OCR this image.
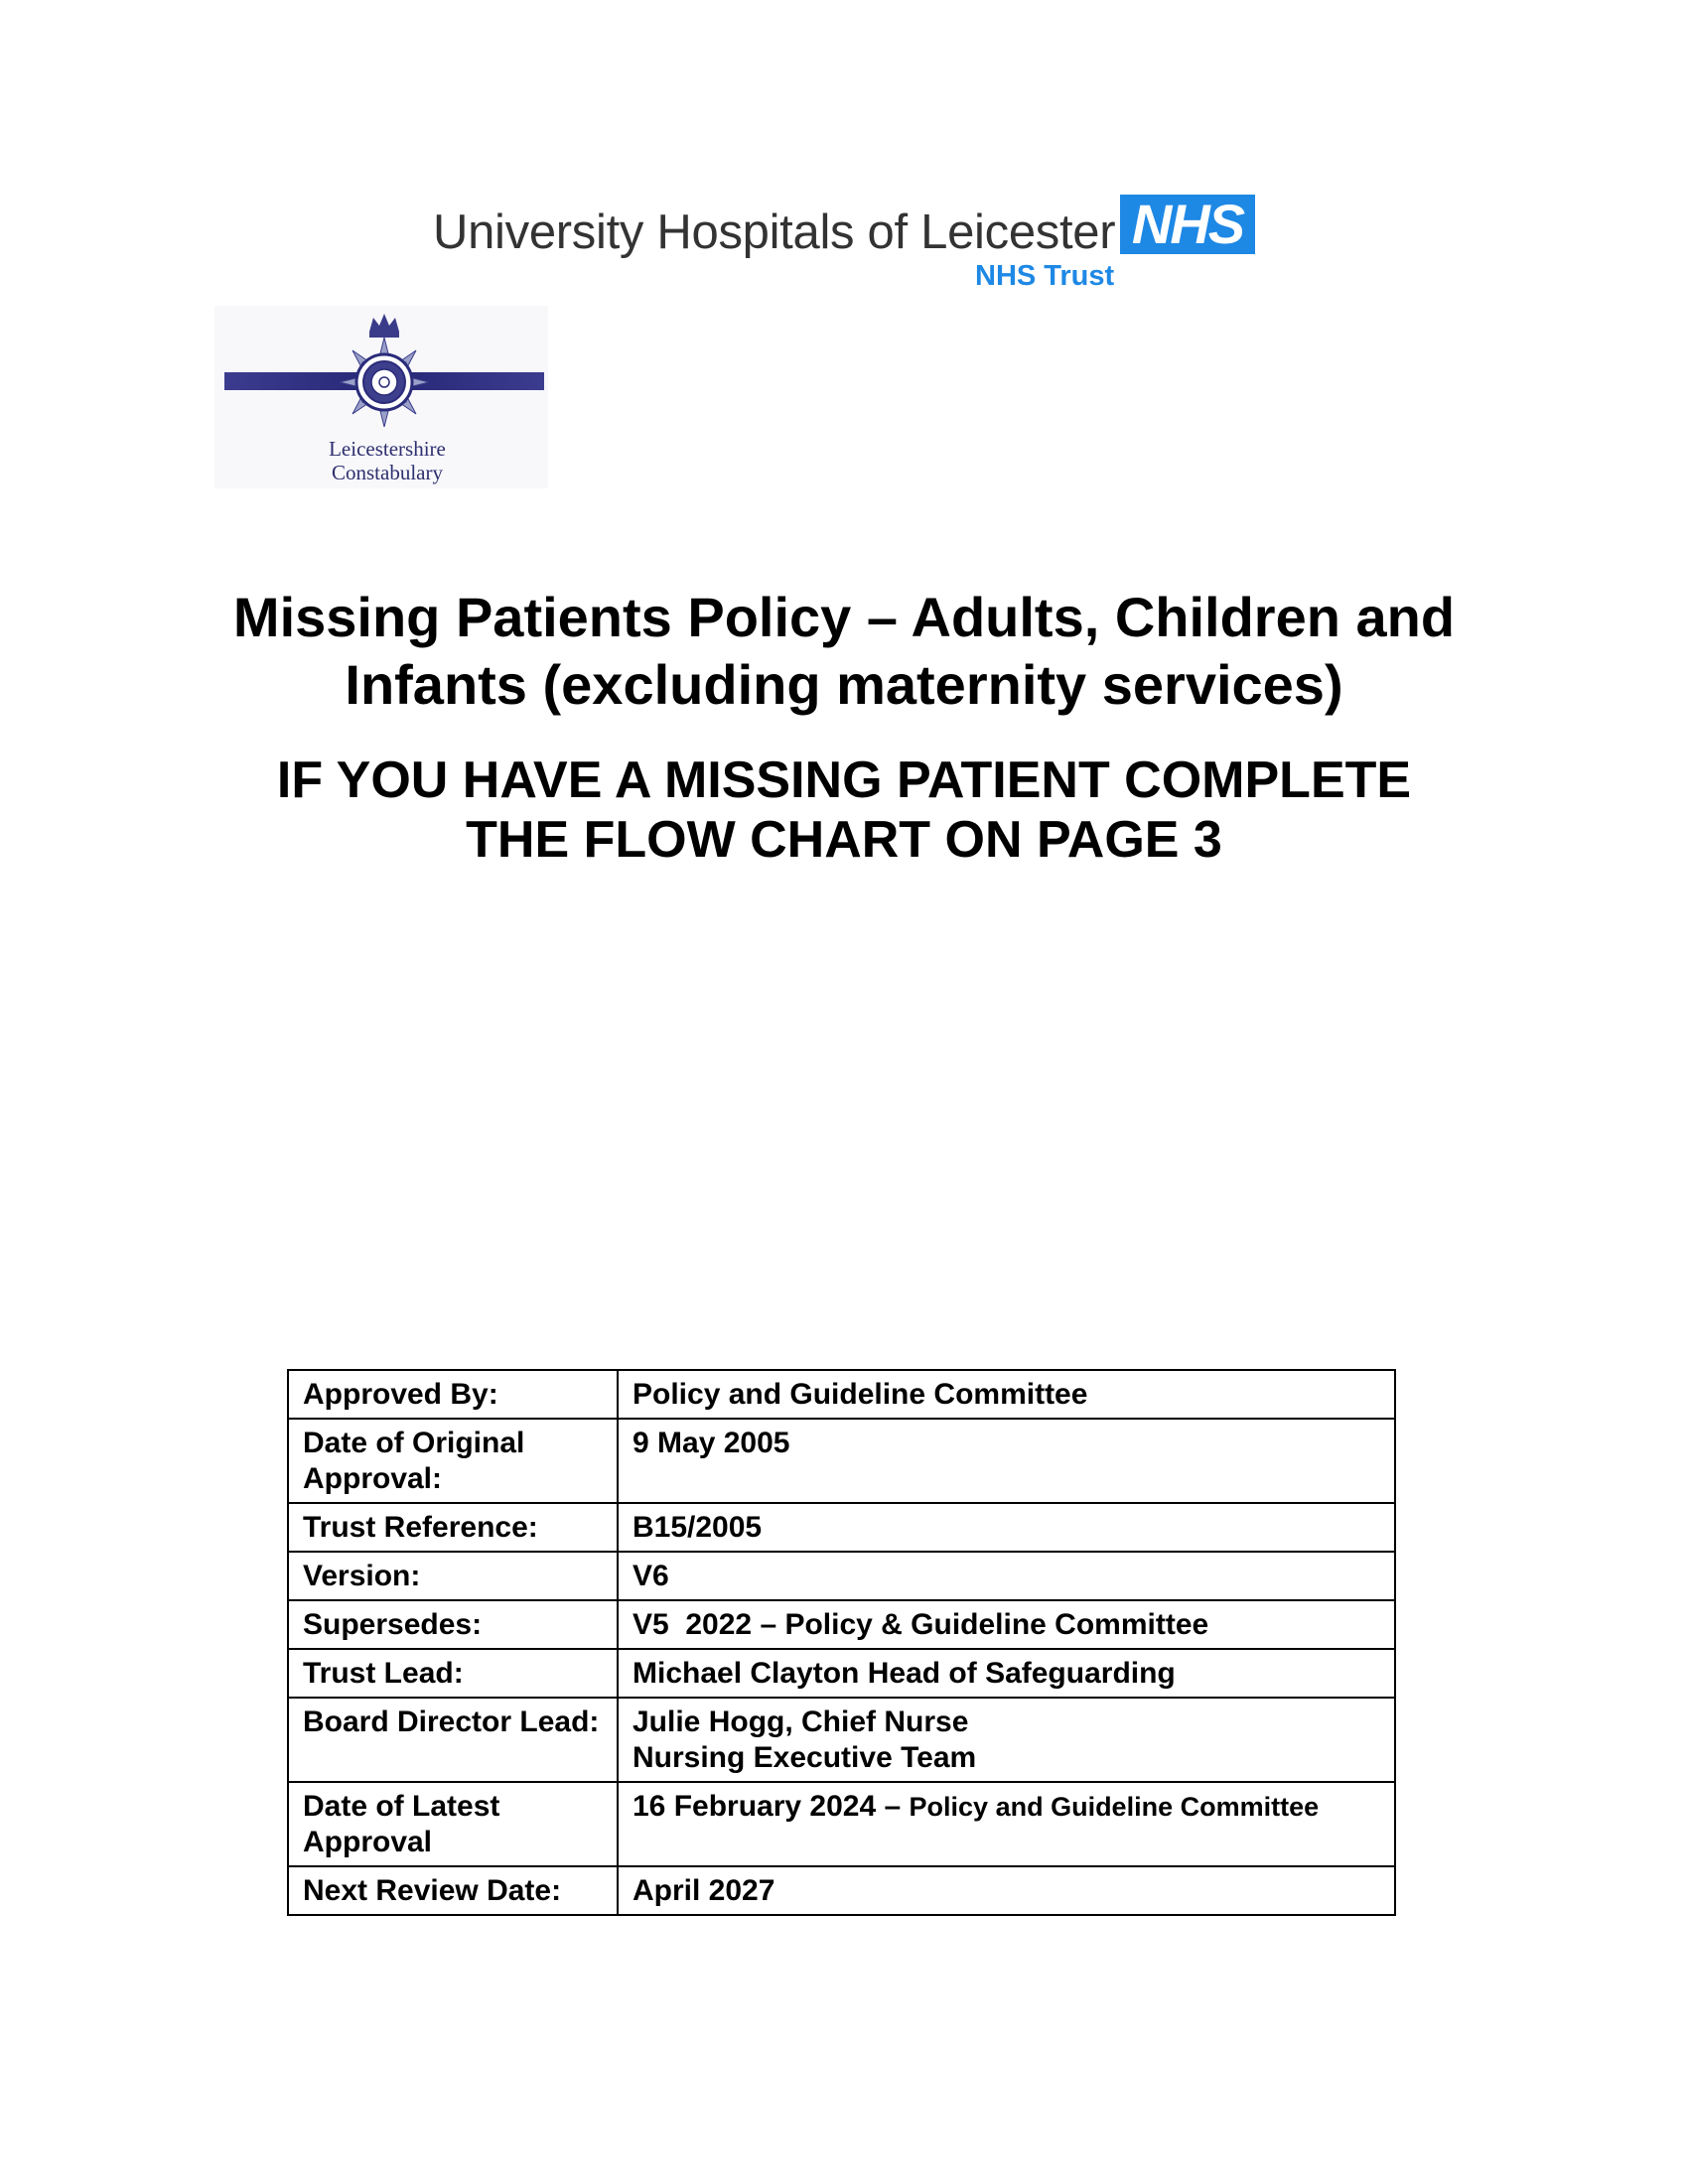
University Hospitals of Leicester NHS
NHS Trust
Leicestershire
Constabulary
Missing Patients Policy – Adults, Children and
Infants (excluding maternity services)
IF YOU HAVE A MISSING PATIENT COMPLETE
THE FLOW CHART ON PAGE 3
Approved By:	Policy and Guideline Committee
Date of Original Approval:	9 May 2005
Trust Reference:	B15/2005
Version:	V6
Supersedes:	V5  2022 – Policy & Guideline Committee
Trust Lead:	Michael Clayton Head of Safeguarding
Board Director Lead:	Julie Hogg, Chief Nurse
Nursing Executive Team

Date of Latest Approval	16 February 2024 – Policy and Guideline Committee
Next Review Date:	April 2027
